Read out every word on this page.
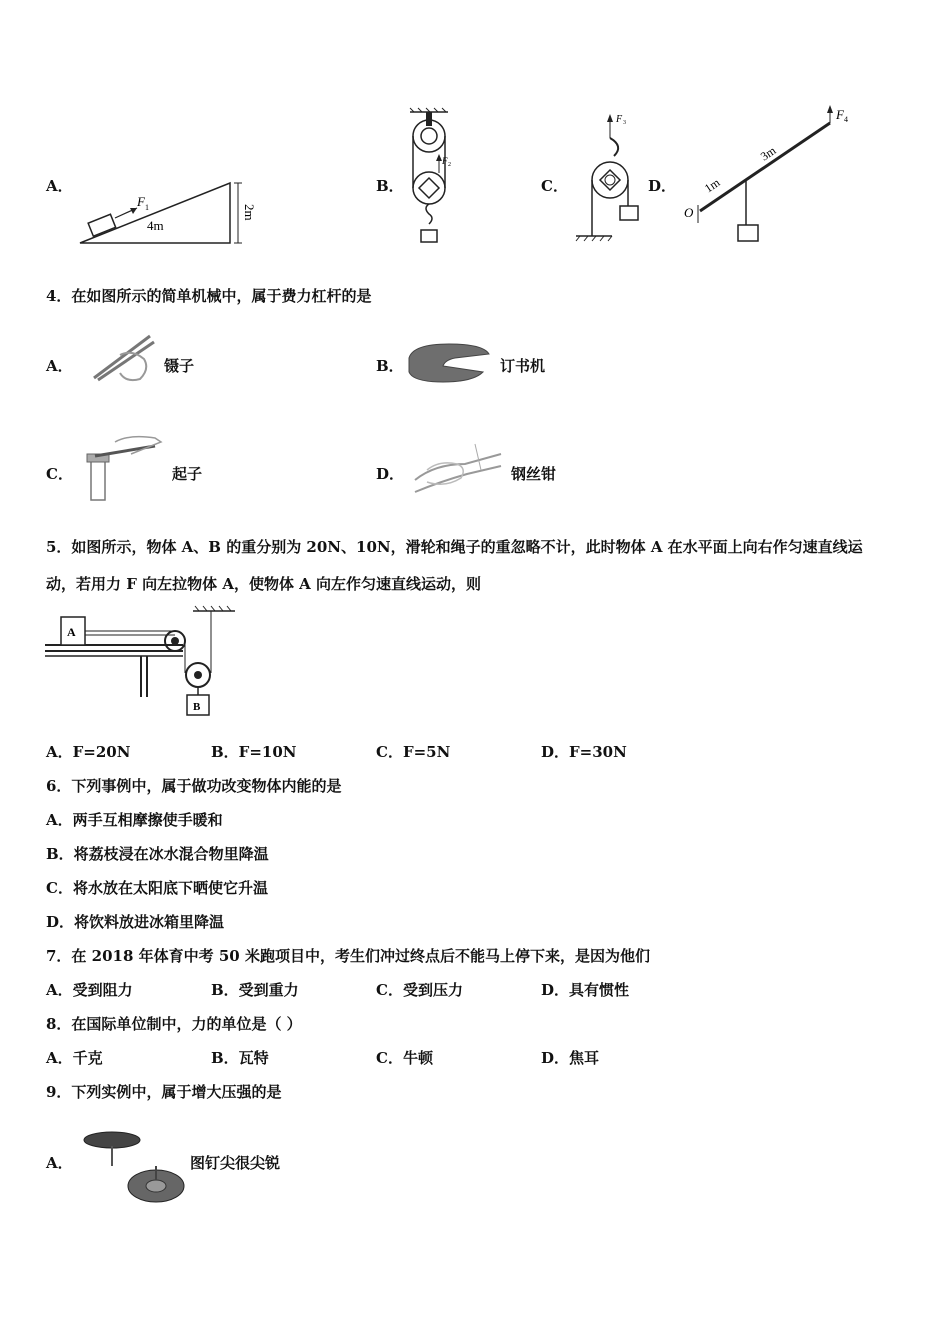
A．
F 1
4m
2m
B．
F 2
C．
F 3
D．
F 4
O
1m
3m
4．在如图所示的简单机械中，属于费力杠杆的是
A．	镊子	B．	订书机
C．	起子	D．	钢丝钳
5．如图所示，物体 A、B 的重分别为 20N、10N，滑轮和绳子的重忽略不计，此时物体 A 在水平面上向右作匀速直线运
动，若用力 F 向左拉物体 A，使物体 A 向左作匀速直线运动，则
A
B
A．F=20N	B．F=10N	C．F=5N	D．F=30N
6．下列事例中，属于做功改变物体内能的是
A．两手互相摩擦使手暖和
B．将荔枝浸在冰水混合物里降温
C．将水放在太阳底下晒使它升温
D．将饮料放进冰箱里降温
7．在 2018 年体育中考 50 米跑项目中，考生们冲过终点后不能马上停下来，是因为他们
A．受到阻力	B．受到重力	C．受到压力	D．具有惯性
8．在国际单位制中，力的单位是（ ）
A．千克	B．瓦特	C．牛顿	D．焦耳
9．下列实例中，属于增大压强的是
A．	图钉尖很尖锐
